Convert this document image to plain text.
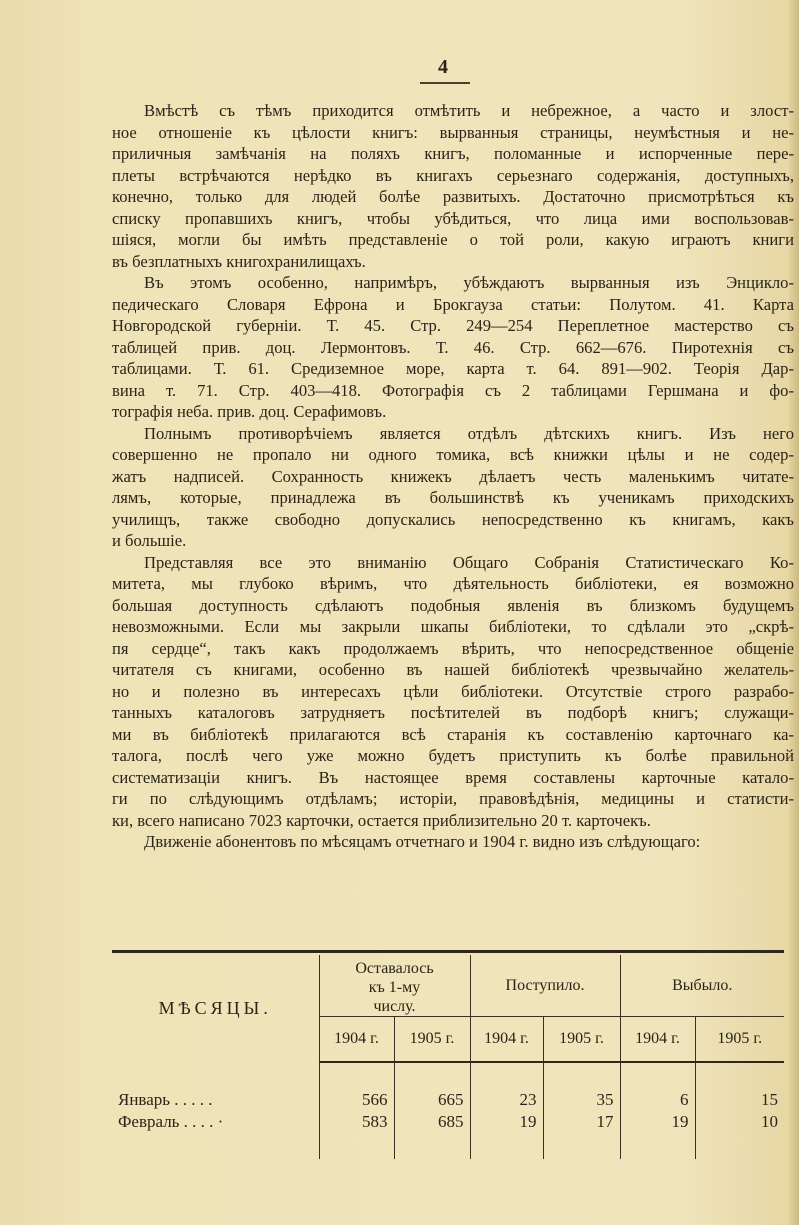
4
Вмѣстѣ съ тѣмъ приходится отмѣтить и небрежное, а часто и злост-
ное отношеніе къ цѣлости книгъ: вырванныя страницы, неумѣстныя и не-
приличныя замѣчанія на поляхъ книгъ, поломанные и испорченные пере-
плеты встрѣчаются нерѣдко въ книгахъ серьезнаго содержанія, доступныхъ,
конечно, только для людей болѣе развитыхъ. Достаточно присмотрѣться къ
списку пропавшихъ книгъ, чтобы убѣдиться, что лица ими воспользовав-
шіяся, могли бы имѣть представленіе о той роли, какую играютъ книги
въ безплатныхъ книгохранилищахъ.
Въ этомъ особенно, напримѣръ, убѣждаютъ вырванныя изъ Энцикло-
педическаго Словаря Ефрона и Брокгауза статьи: Полутом. 41. Карта
Новгородской губерніи. Т. 45. Стр. 249—254 Переплетное мастерство съ
таблицей прив. доц. Лермонтовъ. Т. 46. Стр. 662—676. Пиротехнія съ
таблицами. Т. 61. Средиземное море, карта т. 64. 891—902. Теорія Дар-
вина т. 71. Стр. 403—418. Фотографія съ 2 таблицами Гершмана и фо-
тографія неба. прив. доц. Серафимовъ.
Полнымъ противорѣчіемъ является отдѣлъ дѣтскихъ книгъ. Изъ него
совершенно не пропало ни одного томика, всѣ книжки цѣлы и не содер-
жатъ надписей. Сохранность книжекъ дѣлаетъ честь маленькимъ читате-
лямъ, которые, принадлежа въ большинствѣ къ ученикамъ приходскихъ
училищъ, также свободно допускались непосредственно къ книгамъ, какъ
и большіе.
Представляя все это вниманію Общаго Собранія Статистическаго Ко-
митета, мы глубоко вѣримъ, что дѣятельность библіотеки, ея возможно
большая доступность сдѣлаютъ подобныя явленія въ близкомъ будущемъ
невозможными. Если мы закрыли шкапы библіотеки, то сдѣлали это „скрѣ-
пя сердце“, такъ какъ продолжаемъ вѣрить, что непосредственное общеніе
читателя съ книгами, особенно въ нашей библіотекѣ чрезвычайно желатель-
но и полезно въ интересахъ цѣли библіотеки. Отсутствіе строго разрабо-
танныхъ каталоговъ затрудняетъ посѣтителей въ подборѣ книгъ; служащи-
ми въ библіотекѣ прилагаются всѣ старанія къ составленію карточнаго ка-
талога, послѣ чего уже можно будетъ приступить къ болѣе правильной
систематизаціи книгъ. Въ настоящее время составлены карточные катало-
ги по слѣдующимъ отдѣламъ; исторіи, правовѣдѣнія, медицины и статисти-
ки, всего написано 7023 карточки, остается приблизительно 20 т. карточекъ.
Движеніе абонентовъ по мѣсяцамъ отчетнаго и 1904 г. видно изъ слѣдующаго:
МѢСЯЦЫ.	Оставалось къ 1-му числу.		Поступило.		Выбыло.	
	1904 г.	1905 г.	1904 г.	1905 г.	1904 г.	1905 г.

Январь . . . . .	566	665	23	35	6	15
Февраль . . . . ·	583	685	19	17	19	10
